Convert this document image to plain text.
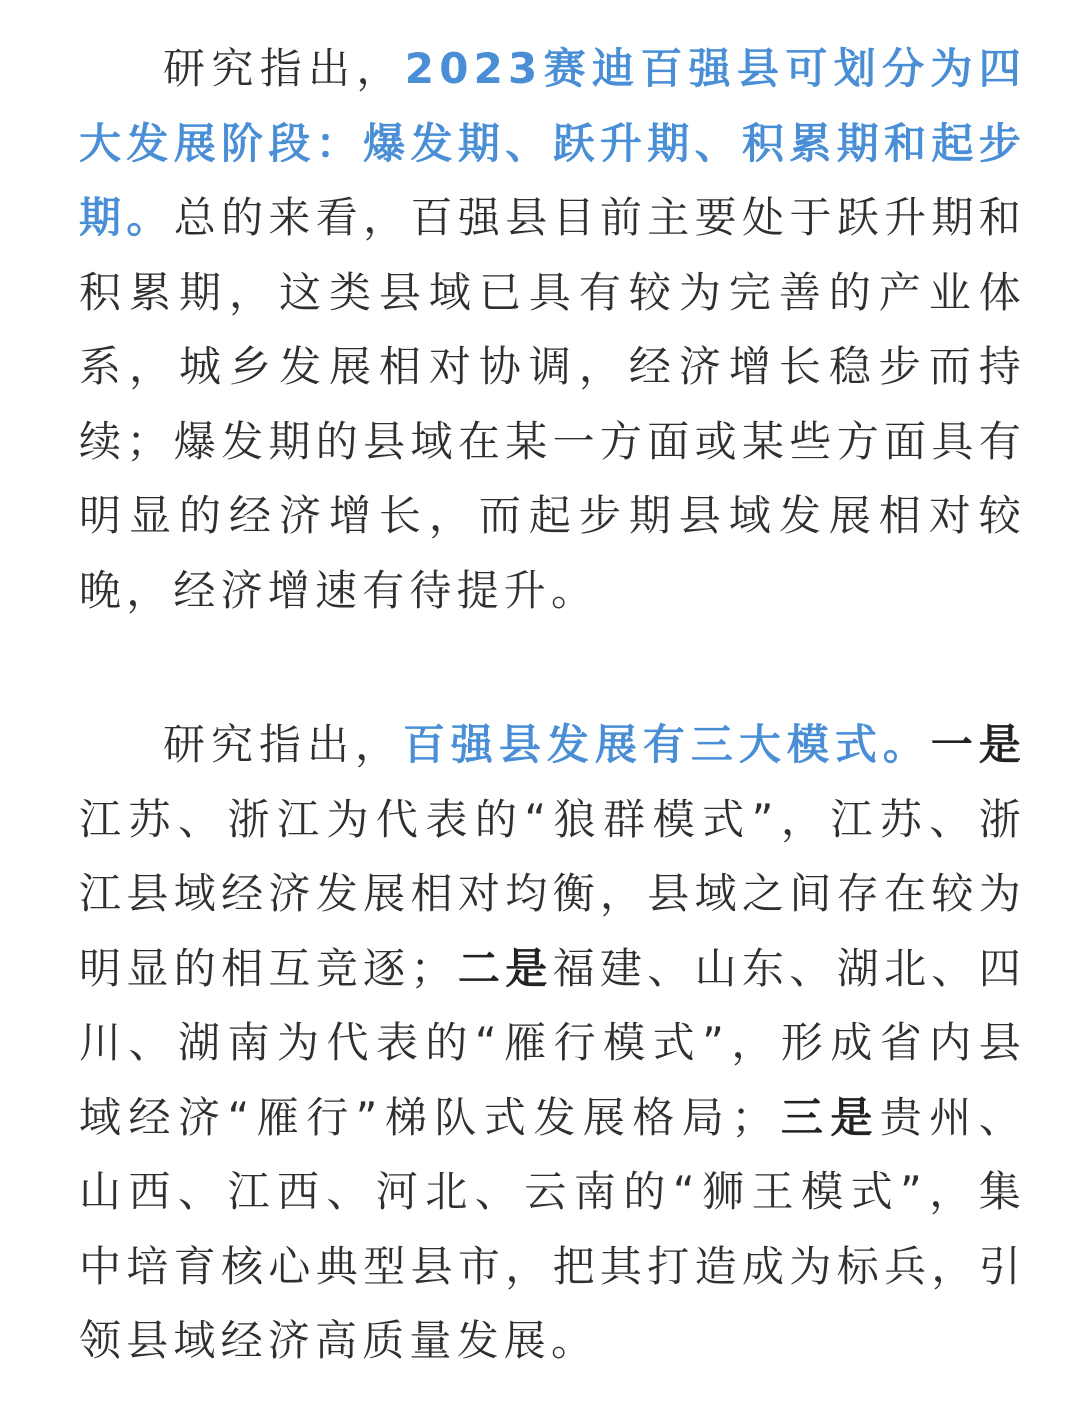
研究指出，2023赛迪百强县可划分为四大发展阶段：爆发期、跃升期、积累期和起步期。总的来看，百强县目前主要处于跃升期和积累期，这类县域已具有较为完善的产业体系，城乡发展相对协调，经济增长稳步而持续；爆发期的县域在某一方面或某些方面具有明显的经济增长，而起步期县域发展相对较晚，经济增速有待提升。

研究指出，百强县发展有三大模式。一是江苏、浙江为代表的“狼群模式”，江苏、浙江县域经济发展相对均衡，县域之间存在较为明显的相互竞逐；二是福建、山东、湖北、四川、湖南为代表的“雁行模式”，形成省内县域经济“雁行”梯队式发展格局；三是贵州、山西、江西、河北、云南的“狮王模式”，集中培育核心典型县市，把其打造成为标兵，引领县域经济高质量发展。
